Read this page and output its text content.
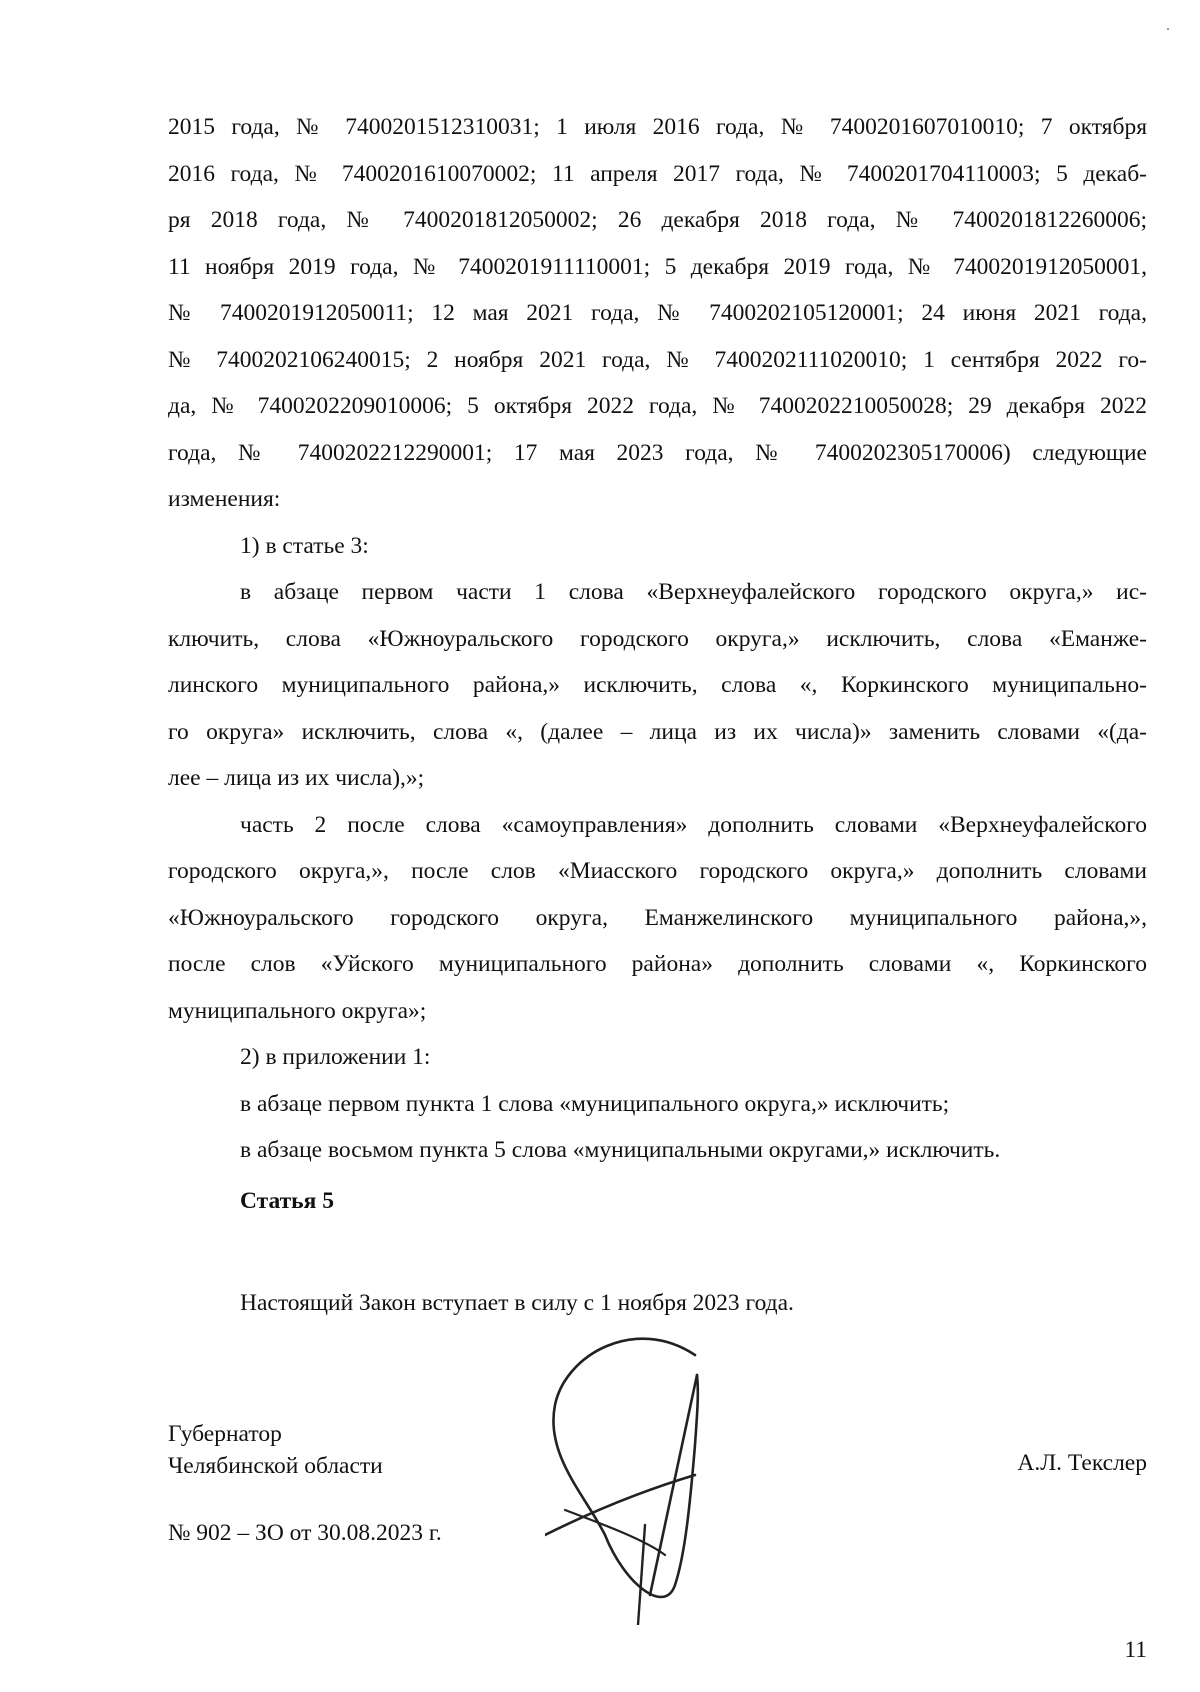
2015 года, № 7400201512310031; 1 июля 2016 года, № 7400201607010010; 7 октября
2016 года, № 7400201610070002; 11 апреля 2017 года, № 7400201704110003; 5 декаб-
ря 2018 года, № 7400201812050002; 26 декабря 2018 года, № 7400201812260006;
11 ноября 2019 года, № 7400201911110001; 5 декабря 2019 года, № 7400201912050001,
№ 7400201912050011; 12 мая 2021 года, № 7400202105120001; 24 июня 2021 года,
№ 7400202106240015; 2 ноября 2021 года, № 7400202111020010; 1 сентября 2022 го-
да, № 7400202209010006; 5 октября 2022 года, № 7400202210050028; 29 декабря 2022
года, № 7400202212290001; 17 мая 2023 года, № 7400202305170006) следующие
изменения:

1) в статье 3:

в абзаце первом части 1 слова «Верхнеуфалейского городского округа,» ис-
ключить, слова «Южноуральского городского округа,» исключить, слова «Еманже-
линского муниципального района,» исключить, слова «, Коркинского муниципально-
го округа» исключить, слова «, (далее – лица из их числа)» заменить словами «(да-
лее – лица из их числа),»;

часть 2 после слова «самоуправления» дополнить словами «Верхнеуфалейского
городского округа,», после слов «Миасского городского округа,» дополнить словами
«Южноуральского городского округа, Еманжелинского муниципального района,»,
после слов «Уйского муниципального района» дополнить словами «, Коркинского
муниципального округа»;

2) в приложении 1:

в абзаце первом пункта 1 слова «муниципального округа,» исключить;

в абзаце восьмом пункта 5 слова «муниципальными округами,» исключить.

Статья 5
Настоящий Закон вступает в силу с 1 ноября 2023 года.
Губернатор
Челябинской области	А.Л. Текслер
№ 902 – ЗО от 30.08.2023 г.
11
